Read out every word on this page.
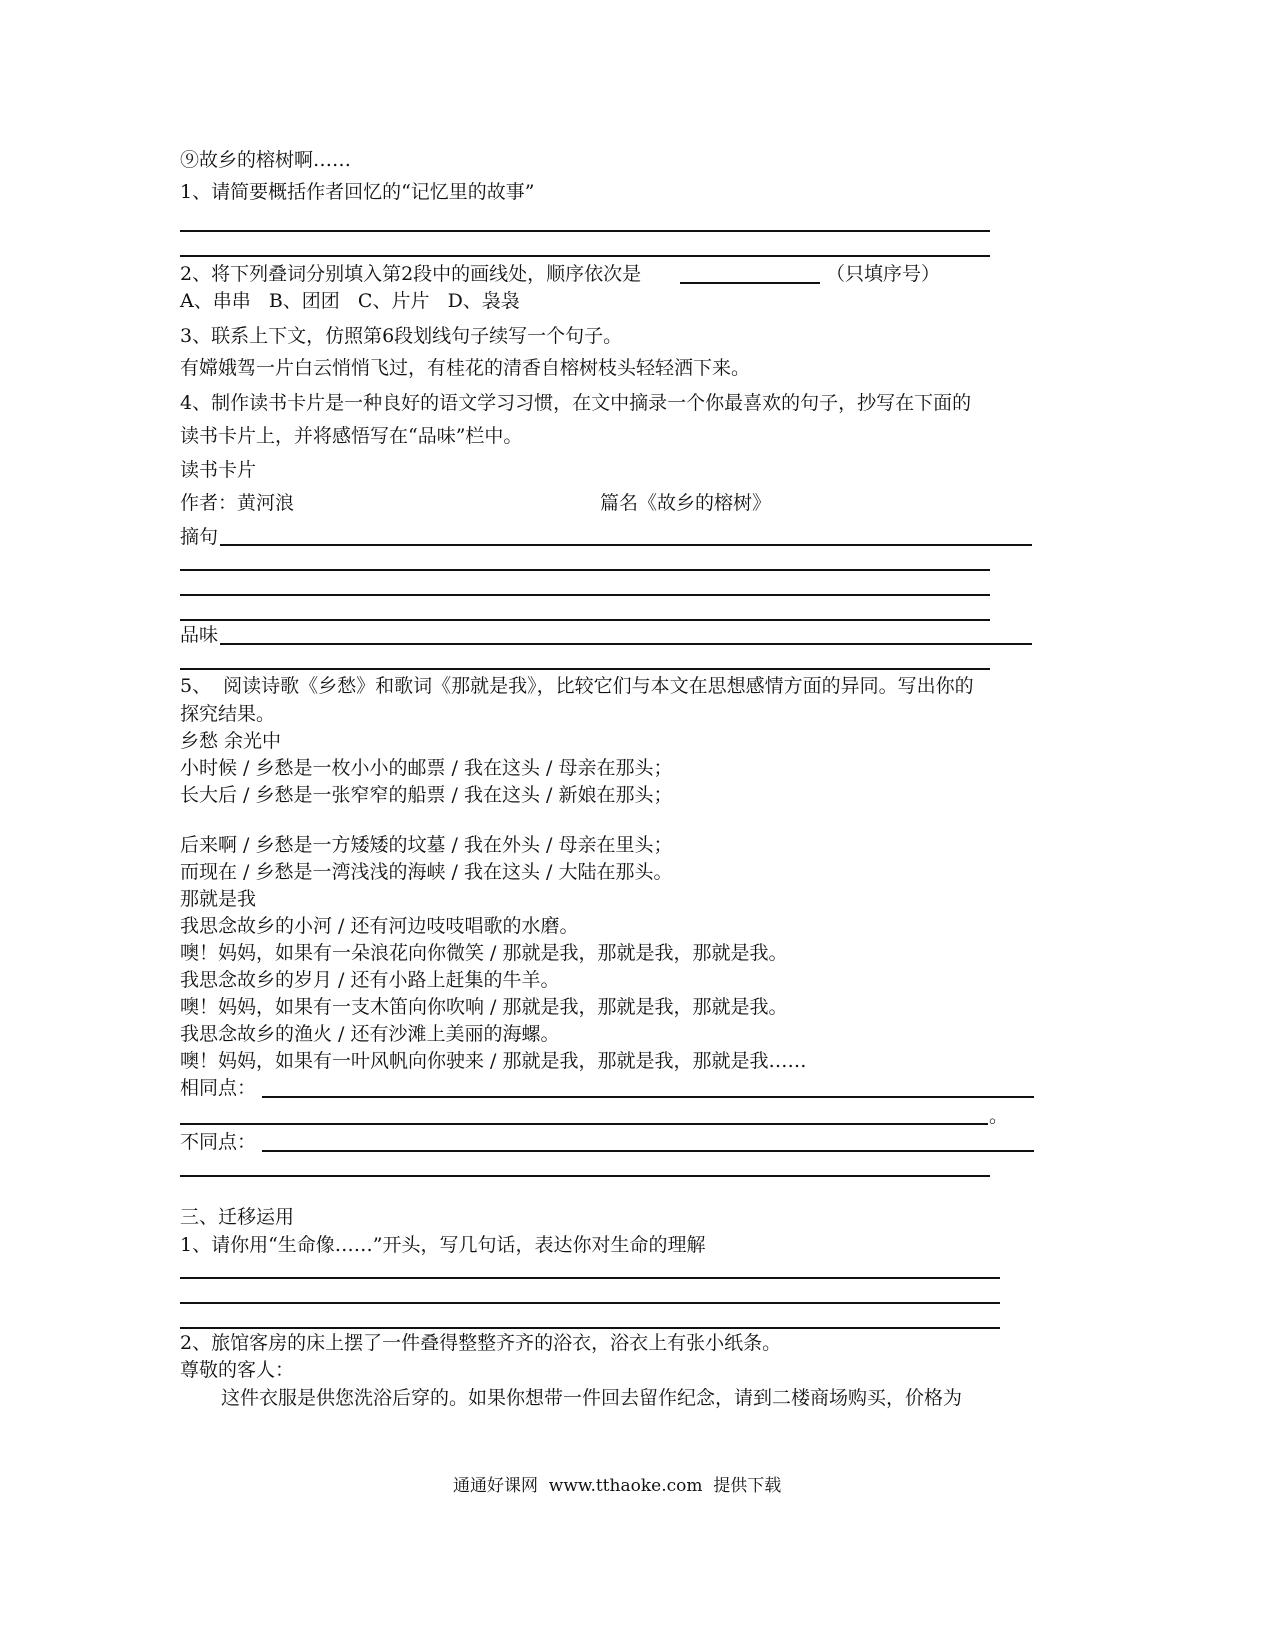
⑨故乡的榕树啊……
1、请简要概括作者回忆的“记忆里的故事”
2、将下列叠词分别填入第2段中的画线处，顺序依次是	（只填序号）
A、串串   B、团团   C、片片   D、袅袅
3、联系上下文，仿照第6段划线句子续写一个句子。
有嫦娥驾一片白云悄悄飞过，有桂花的清香自榕树枝头轻轻洒下来。
4、制作读书卡片是一种良好的语文学习习惯，在文中摘录一个你最喜欢的句子，抄写在下面的
读书卡片上，并将感悟写在“品味”栏中。
读书卡片
作者：黄河浪	篇名《故乡的榕树》
摘句
品味
5、  阅读诗歌《乡愁》和歌词《那就是我》，比较它们与本文在思想感情方面的异同。写出你的
探究结果。
乡愁 余光中
小时候 / 乡愁是一枚小小的邮票 / 我在这头 / 母亲在那头；
长大后 / 乡愁是一张窄窄的船票 / 我在这头 / 新娘在那头；
后来啊 / 乡愁是一方矮矮的坟墓 / 我在外头 / 母亲在里头；
而现在 / 乡愁是一湾浅浅的海峡 / 我在这头 / 大陆在那头。
那就是我
我思念故乡的小河 / 还有河边吱吱唱歌的水磨。
噢！妈妈，如果有一朵浪花向你微笑 / 那就是我，那就是我，那就是我。
我思念故乡的岁月 / 还有小路上赶集的牛羊。
噢！妈妈，如果有一支木笛向你吹响 / 那就是我，那就是我，那就是我。
我思念故乡的渔火 / 还有沙滩上美丽的海螺。
噢！妈妈，如果有一叶风帆向你驶来 / 那就是我，那就是我，那就是我……
相同点：
。
不同点：
三、迁移运用
1、请你用“生命像……”开头，写几句话，表达你对生命的理解
2、旅馆客房的床上摆了一件叠得整整齐齐的浴衣，浴衣上有张小纸条。
尊敬的客人：
这件衣服是供您洗浴后穿的。如果你想带一件回去留作纪念，请到二楼商场购买，价格为
通通好课网  www.tthaoke.com  提供下载
